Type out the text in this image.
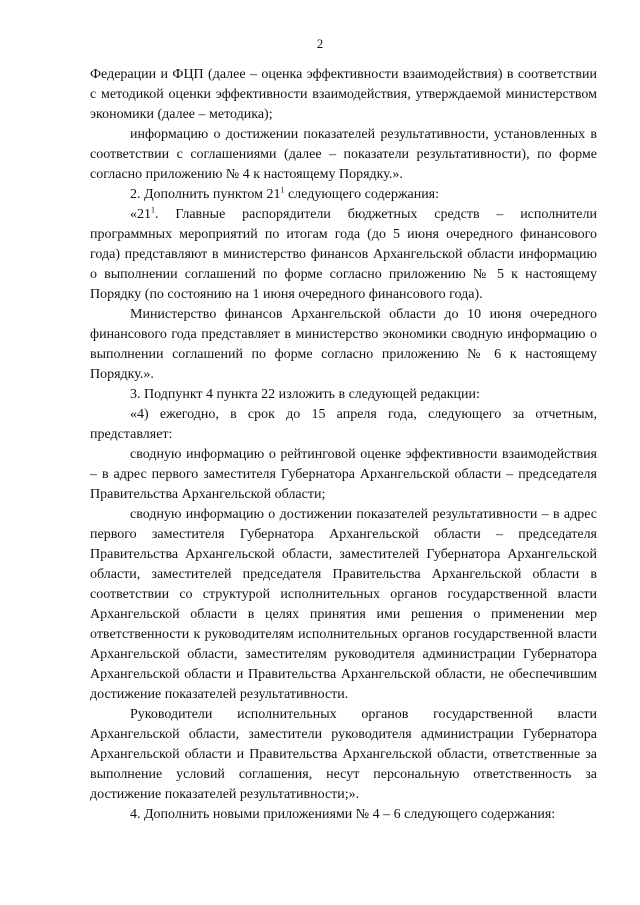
2

Федерации и ФЦП (далее – оценка эффективности взаимодействия) в соответствии с методикой оценки эффективности взаимодействия, утверждаемой министерством экономики (далее – методика);

информацию о достижении показателей результативности, установленных в соответствии с соглашениями (далее – показатели результативности), по форме согласно приложению № 4 к настоящему Порядку.».

2. Дополнить пунктом $21^1$ следующего содержания:

«$21^1$. Главные распорядители бюджетных средств – исполнители программных мероприятий по итогам года (до 5 июня очередного финансового года) представляют в министерство финансов Архангельской области информацию о выполнении соглашений по форме согласно приложению № 5 к настоящему Порядку (по состоянию на 1 июня очередного финансового года).

Министерство финансов Архангельской области до 10 июня очередного финансового года представляет в министерство экономики сводную информацию о выполнении соглашений по форме согласно приложению № 6 к настоящему Порядку.».

3. Подпункт 4 пункта 22 изложить в следующей редакции:

«4) ежегодно, в срок до 15 апреля года, следующего за отчетным, представляет:

сводную информацию о рейтинговой оценке эффективности взаимодействия – в адрес первого заместителя Губернатора Архангельской области – председателя Правительства Архангельской области;

сводную информацию о достижении показателей результативности – в адрес первого заместителя Губернатора Архангельской области – председателя Правительства Архангельской области, заместителей Губернатора Архангельской области, заместителей председателя Правительства Архангельской области в соответствии со структурой исполнительных органов государственной власти Архангельской области в целях принятия ими решения о применении мер ответственности к руководителям исполнительных органов государственной власти Архангельской области, заместителям руководителя администрации Губернатора Архангельской области и Правительства Архангельской области, не обеспечившим достижение показателей результативности.

Руководители исполнительных органов государственной власти Архангельской области, заместители руководителя администрации Губернатора Архангельской области и Правительства Архангельской области, ответственные за выполнение условий соглашения, несут персональную ответственность за достижение показателей результативности;».

4. Дополнить новыми приложениями № 4 – 6 следующего содержания:
